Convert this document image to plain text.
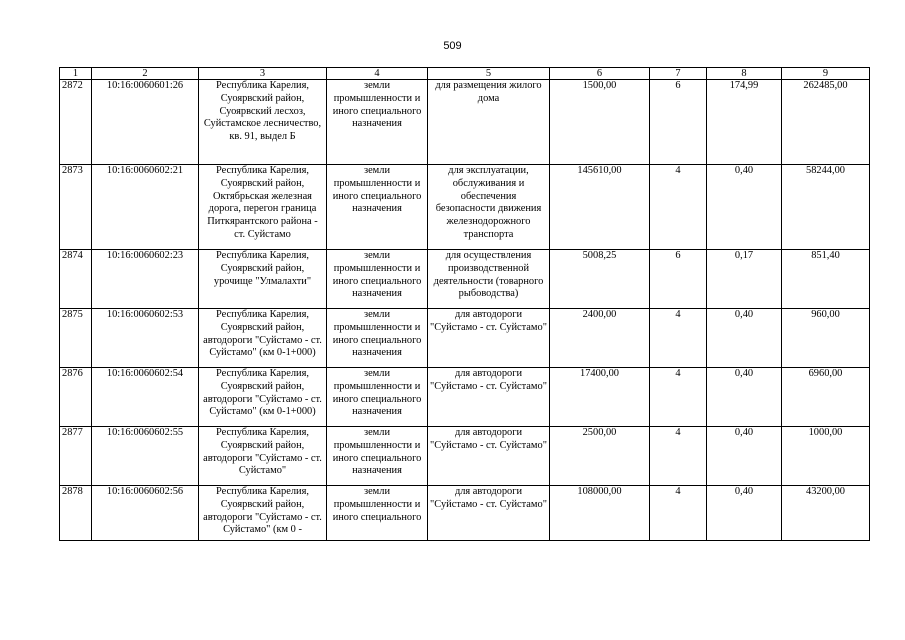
509
1	2	3	4	5	6	7	8	9
2872	10:16:0060601:26	Республика Карелия, Суоярвский район, Суоярвский лесхоз, Суйстамское лесничество, кв. 91, выдел Б	земли промышленности и иного специального назначения	для размещения жилого дома	1500,00	6	174,99	262485,00
2873	10:16:0060602:21	Республика Карелия, Суоярвский район, Октябрьская железная дорога, перегон граница Питкярантского района - ст. Суйстамо	земли промышленности и иного специального назначения	для эксплуатации, обслуживания и обеспечения безопасности движения железнодорожного транспорта	145610,00	4	0,40	58244,00
2874	10:16:0060602:23	Республика Карелия, Суоярвский район, урочище "Улмалахти"	земли промышленности и иного специального назначения	для осуществления производственной деятельности (товарного рыбоводства)	5008,25	6	0,17	851,40
2875	10:16:0060602:53	Республика Карелия, Суоярвский район, автодороги "Суйстамо - ст. Суйстамо" (км 0-1+000)	земли промышленности и иного специального назначения	для автодороги "Суйстамо - ст. Суйстамо"	2400,00	4	0,40	960,00
2876	10:16:0060602:54	Республика Карелия, Суоярвский район, автодороги "Суйстамо - ст. Суйстамо" (км 0-1+000)	земли промышленности и иного специального назначения	для автодороги "Суйстамо - ст. Суйстамо"	17400,00	4	0,40	6960,00
2877	10:16:0060602:55	Республика Карелия, Суоярвский район, автодороги "Суйстамо - ст. Суйстамо"	земли промышленности и иного специального назначения	для автодороги "Суйстамо - ст. Суйстамо"	2500,00	4	0,40	1000,00
2878	10:16:0060602:56	Республика Карелия, Суоярвский район, автодороги "Суйстамо - ст. Суйстамо" (км 0 -	земли промышленности и иного специального	для автодороги "Суйстамо - ст. Суйстамо"	108000,00	4	0,40	43200,00
